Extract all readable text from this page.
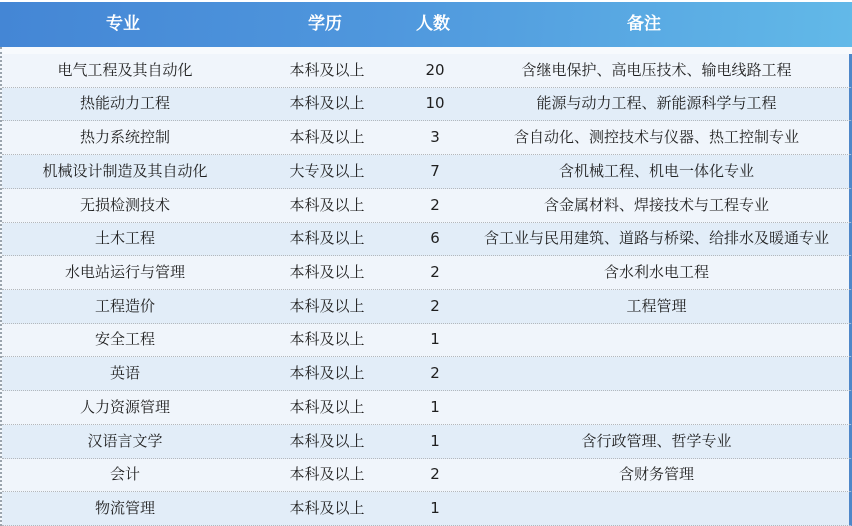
专业	学历	人数	备注
电气工程及其自动化	本科及以上	20	含继电保护、高电压技术、输电线路工程
热能动力工程	本科及以上	10	能源与动力工程、新能源科学与工程
热力系统控制	本科及以上	3	含自动化、测控技术与仪器、热工控制专业
机械设计制造及其自动化	大专及以上	7	含机械工程、机电一体化专业
无损检测技术	本科及以上	2	含金属材料、焊接技术与工程专业
土木工程	本科及以上	6	含工业与民用建筑、道路与桥梁、给排水及暖通专业
水电站运行与管理	本科及以上	2	含水利水电工程
工程造价	本科及以上	2	工程管理
安全工程	本科及以上	1
英语	本科及以上	2
人力资源管理	本科及以上	1
汉语言文学	本科及以上	1	含行政管理、哲学专业
会计	本科及以上	2	含财务管理
物流管理	本科及以上	1
